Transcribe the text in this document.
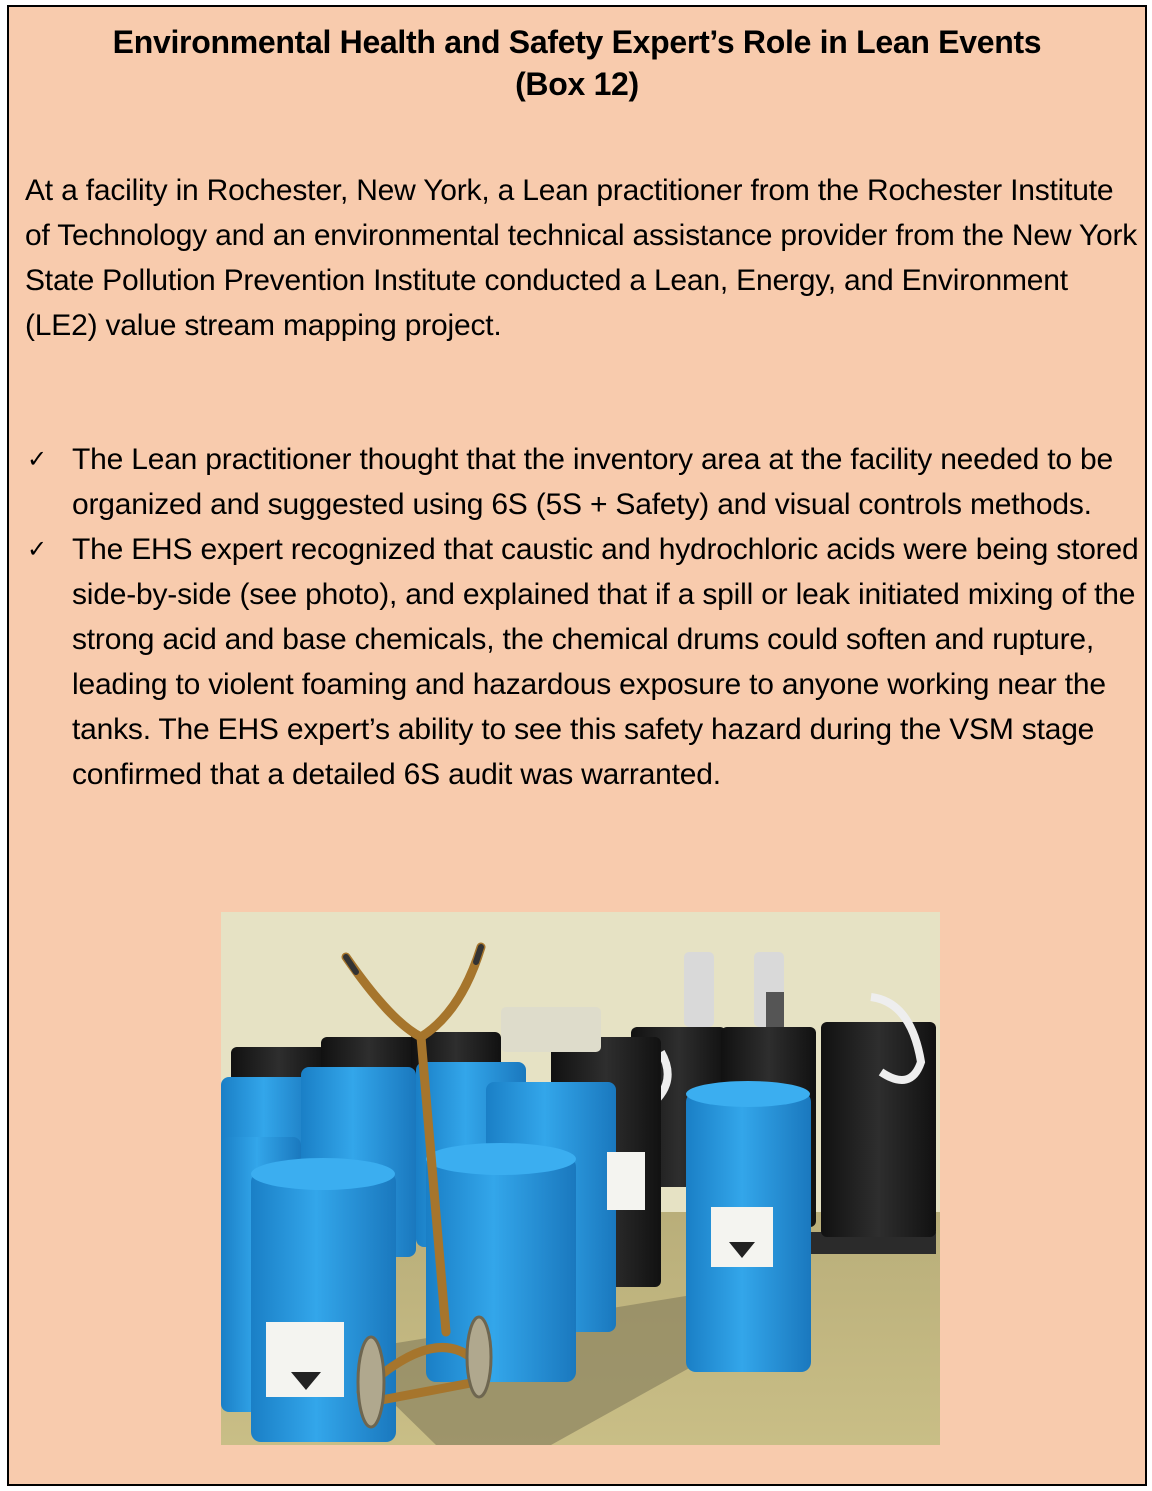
Environmental Health and Safety Expert’s Role in Lean Events
(Box 12)
At a facility in Rochester, New York, a Lean practitioner from the Rochester Institute of Technology and an environmental technical assistance provider from the New York State Pollution Prevention Institute conducted a Lean, Energy, and Environment (LE2) value stream mapping project.
✓ The Lean practitioner thought that the inventory area at the facility needed to be organized and suggested using 6S (5S + Safety) and visual controls methods.
✓ The EHS expert recognized that caustic and hydrochloric acids were being stored side-by-side (see photo), and explained that if a spill or leak initiated mixing of the strong acid and base chemicals, the chemical drums could soften and rupture, leading to violent foaming and hazardous exposure to anyone working near the tanks. The EHS expert’s ability to see this safety hazard during the VSM stage confirmed that a detailed 6S audit was warranted.
